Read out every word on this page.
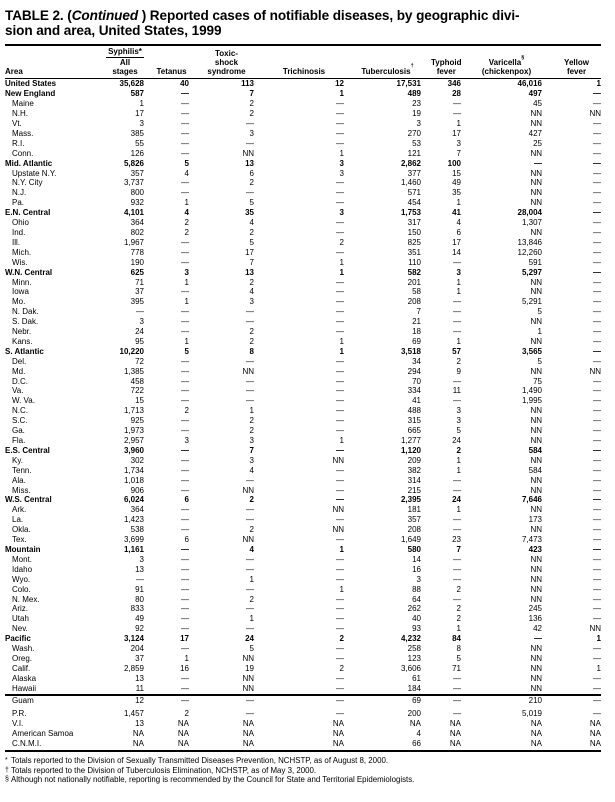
TABLE 2. (Continued ) Reported cases of notifiable diseases, by geographic divi-
sion and area, United States, 1999
Area	Syphilis*
All
stages	Tetanus	Toxic-
shock
syndrome	Trichinosis	Tuberculosis†	Typhoid
fever	Varicella§
(chickenpox)	Yellow
fever

United States	35,628	40	113	12	17,531	346	46,016	1
New England	587	—	7	1	489	28	497	—
Maine	1	—	2	—	23	—	45	—
N.H.	17	—	2	—	19	—	NN	NN
Vt.	3	—	—	—	3	1	NN	—
Mass.	385	—	3	—	270	17	427	—
R.I.	55	—	—	—	53	3	25	—
Conn.	126	—	NN	1	121	7	NN	—
Mid. Atlantic	5,826	5	13	3	2,862	100	—	—
Upstate N.Y.	357	4	6	3	377	15	NN	—
N.Y. City	3,737	—	2	—	1,460	49	NN	—
N.J.	800	—	—	—	571	35	NN	—
Pa.	932	1	5	—	454	1	NN	—
E.N. Central	4,101	4	35	3	1,753	41	28,004	—
Ohio	364	2	4	—	317	4	1,307	—
Ind.	802	2	2	—	150	6	NN	—
Ill.	1,967	—	5	2	825	17	13,846	—
Mich.	778	—	17	—	351	14	12,260	—
Wis.	190	—	7	1	110	—	591	—
W.N. Central	625	3	13	1	582	3	5,297	—
Minn.	71	1	2	—	201	1	NN	—
Iowa	37	—	4	—	58	1	NN	—
Mo.	395	1	3	—	208	—	5,291	—
N. Dak.	—	—	—	—	7	—	5	—
S. Dak.	3	—	—	—	21	—	NN	—
Nebr.	24	—	2	—	18	—	1	—
Kans.	95	1	2	1	69	1	NN	—
S. Atlantic	10,220	5	8	1	3,518	57	3,565	—
Del.	72	—	—	—	34	2	5	—
Md.	1,385	—	NN	—	294	9	NN	NN
D.C.	458	—	—	—	70	—	75	—
Va.	722	—	—	—	334	11	1,490	—
W. Va.	15	—	—	—	41	—	1,995	—
N.C.	1,713	2	1	—	488	3	NN	—
S.C.	925	—	2	—	315	3	NN	—
Ga.	1,973	—	2	—	665	5	NN	—
Fla.	2,957	3	3	1	1,277	24	NN	—
E.S. Central	3,960	—	7	—	1,120	2	584	—
Ky.	302	—	3	NN	209	1	NN	—
Tenn.	1,734	—	4	—	382	1	584	—
Ala.	1,018	—	—	—	314	—	NN	—
Miss.	906	—	NN	—	215	—	NN	—
W.S. Central	6,024	6	2	—	2,395	24	7,646	—
Ark.	364	—	—	NN	181	1	NN	—
La.	1,423	—	—	—	357	—	173	—
Okla.	538	—	2	NN	208	—	NN	—
Tex.	3,699	6	NN	—	1,649	23	7,473	—
Mountain	1,161	—	4	1	580	7	423	—
Mont.	3	—	—	—	14	—	NN	—
Idaho	13	—	—	—	16	—	NN	—
Wyo.	—	—	1	—	3	—	NN	—
Colo.	91	—	—	1	88	2	NN	—
N. Mex.	80	—	2	—	64	—	NN	—
Ariz.	833	—	—	—	262	2	245	—
Utah	49	—	1	—	40	2	136	—
Nev.	92	—	—	—	93	1	42	NN
Pacific	3,124	17	24	2	4,232	84	—	1
Wash.	204	—	5	—	258	8	NN	—
Oreg.	37	1	NN	—	123	5	NN	—
Calif.	2,859	16	19	2	3,606	71	NN	1
Alaska	13	—	NN	—	61	—	NN	—
Hawaii	11	—	NN	—	184	—	NN	—
Guam	12	—	—	—	69	—	210	—
P.R.	1,457	2	—	—	200	—	5,019	—
V.I.	13	NA	NA	NA	NA	NA	NA	NA
American Samoa	NA	NA	NA	NA	4	NA	NA	NA
C.N.M.I.	NA	NA	NA	NA	66	NA	NA	NA
* Totals reported to the Division of Sexually Transmitted Diseases Prevention, NCHSTP, as of August 8, 2000.
† Totals reported to the Division of Tuberculosis Elimination, NCHSTP, as of May 3, 2000.
§ Although not nationally notifiable, reporting is recommended by the Council for State and Territorial Epidemiologists.
